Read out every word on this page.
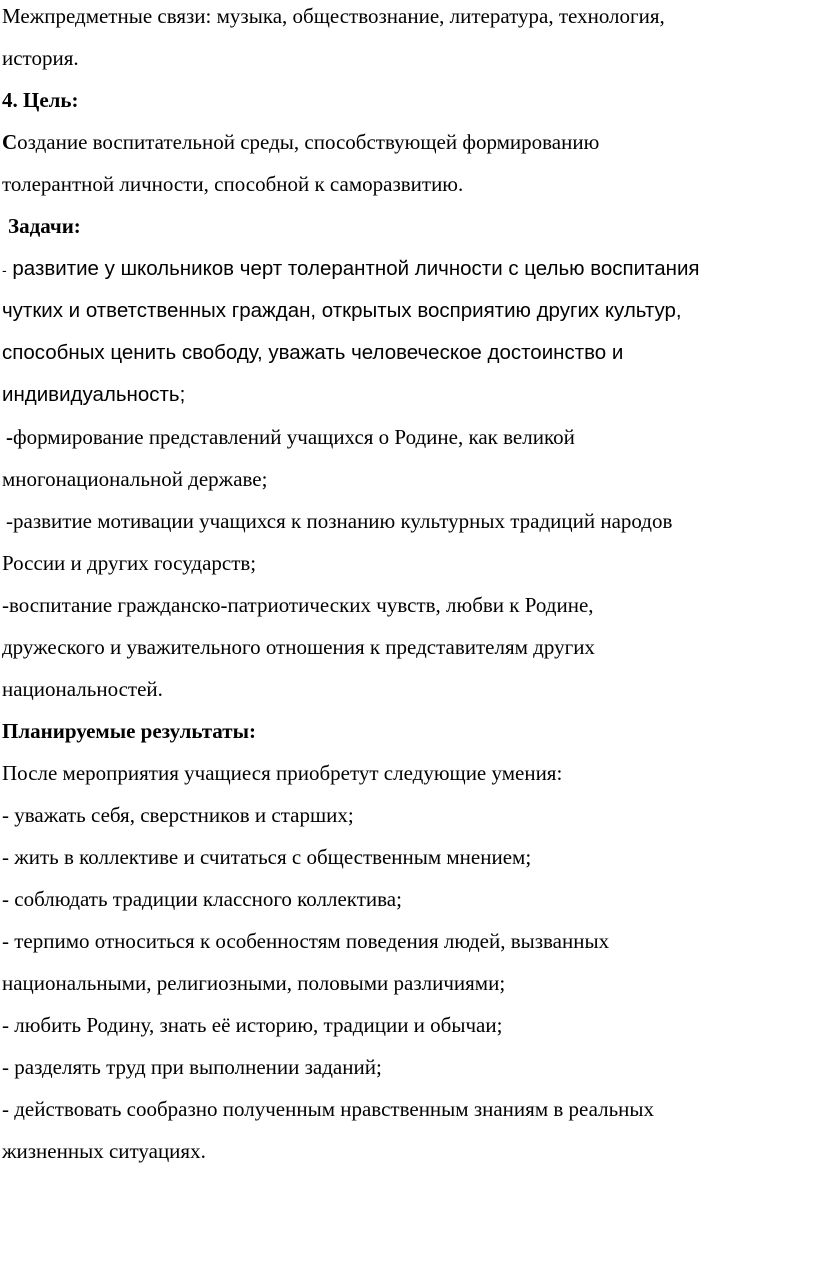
Межпредметные связи: музыка, обществознание, литература, технология,
история.
4. Цель:
Создание воспитательной среды, способствующей формированию
толерантной личности, способной к саморазвитию.
Задачи:
- развитие у школьников черт толерантной личности с целью воспитания
чутких и ответственных граждан, открытых восприятию других культур,
способных ценить свободу, уважать человеческое достоинство и
индивидуальность;
-формирование представлений учащихся о Родине, как великой
многонациональной державе;
-развитие мотивации учащихся к познанию культурных традиций народов
России и других государств;
-воспитание гражданско-патриотических чувств, любви к Родине,
дружеского и уважительного отношения к представителям других
национальностей.
Планируемые результаты:
После мероприятия учащиеся приобретут следующие умения:
- уважать себя, сверстников и старших;
- жить в коллективе и считаться с общественным мнением;
- соблюдать традиции классного коллектива;
- терпимо относиться к особенностям поведения людей, вызванных
национальными, религиозными, половыми различиями;
- любить Родину, знать её историю, традиции и обычаи;
- разделять труд при выполнении заданий;
- действовать сообразно полученным нравственным знаниям в реальных
жизненных ситуациях.
